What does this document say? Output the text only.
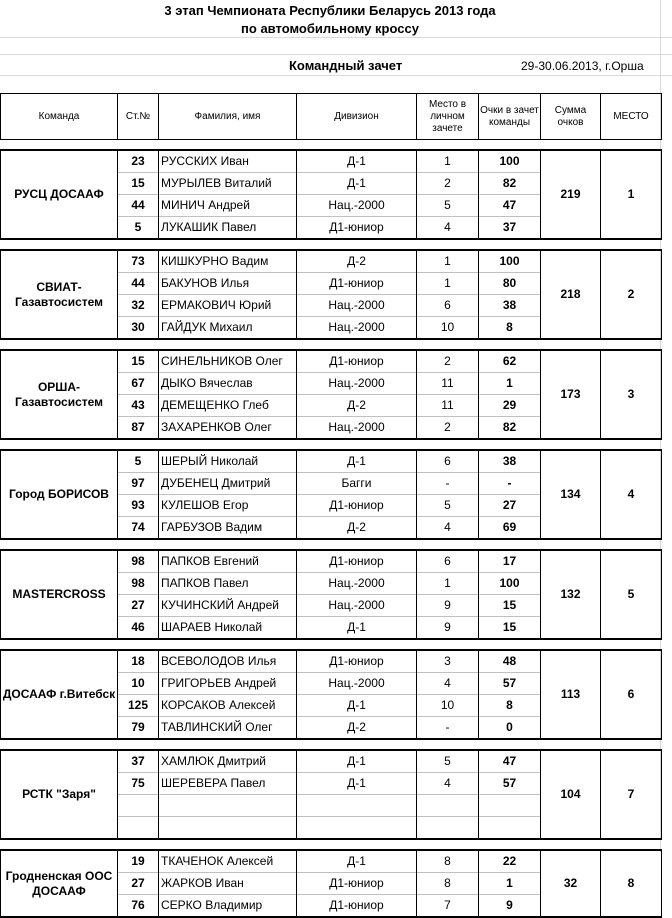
3 этап Чемпионата Республики Беларусь 2013 года
по автомобильному кроссу
Командный зачет	29-30.06.2013, г.Орша
Команда	Ст.№	Фамилия, имя	Дивизион	Место в личном зачете	Очки в зачет команды	Сумма очков	МЕСТО

РУСЦ ДОСААФ	23	РУССКИХ Иван	Д-1	1	100	219	1
	15	МУРЫЛЕВ Виталий	Д-1	2	82		
	44	МИНИЧ Андрей	Нац.-2000	5	47		
	5	ЛУКАШИК Павел	Д1-юниор	4	37		

СВИАТ-Газавтосистем	73	КИШКУРНО Вадим	Д-2	1	100	218	2
	44	БАКУНОВ Илья	Д1-юниор	1	80		
	32	ЕРМАКОВИЧ Юрий	Нац.-2000	6	38		
	30	ГАЙДУК Михаил	Нац.-2000	10	8		

ОРША-Газавтосистем	15	СИНЕЛЬНИКОВ Олег	Д1-юниор	2	62	173	3
	67	ДЫКО Вячеслав	Нац.-2000	11	1		
	43	ДЕМЕЩЕНКО Глеб	Д-2	11	29		
	87	ЗАХАРЕНКОВ Олег	Нац.-2000	2	82		

Город БОРИСОВ	5	ШЕРЫЙ Николай	Д-1	6	38	134	4
	97	ДУБЕНЕЦ Дмитрий	Багги	-	-		
	93	КУЛЕШОВ Егор	Д1-юниор	5	27		
	74	ГАРБУЗОВ Вадим	Д-2	4	69		

MASTERCROSS	98	ПАПКОВ Евгений	Д1-юниор	6	17	132	5
	98	ПАПКОВ Павел	Нац.-2000	1	100		
	27	КУЧИНСКИЙ Андрей	Нац.-2000	9	15		
	46	ШАРАЕВ Николай	Д-1	9	15		

ДОСААФ г.Витебск	18	ВСЕВОЛОДОВ Илья	Д1-юниор	3	48	113	6
	10	ГРИГОРЬЕВ Андрей	Нац.-2000	4	57		
	125	КОРСАКОВ Алексей	Д-1	10	8		
	79	ТАВЛИНСКИЙ Олег	Д-2	-	0		

РСТК "Заря"	37	ХАМЛЮК Дмитрий	Д-1	5	47	104	7
	75	ШЕРЕВЕРА Павел	Д-1	4	57		

Гродненская ООС ДОСААФ	19	ТКАЧЕНОК Алексей	Д-1	8	22	32	8
	27	ЖАРКОВ Иван	Д1-юниор	8	1		
	76	СЕРКО Владимир	Д1-юниор	7	9		
